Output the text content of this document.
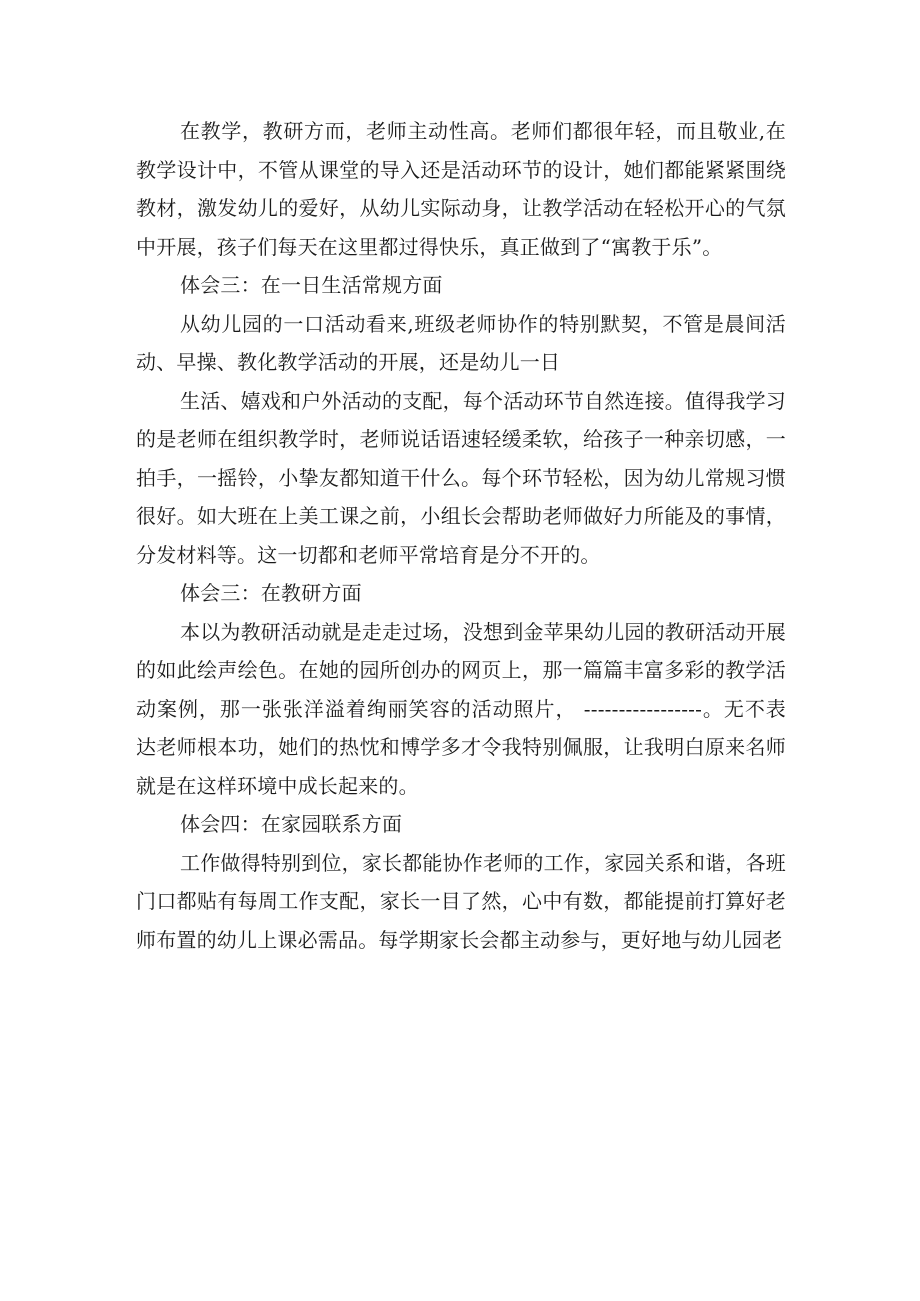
在教学，教研方而，老师主动性高。老师们都很年轻，而且敬业,在教学设计中，不管从课堂的导入还是活动环节的设计，她们都能紧紧围绕教材，激发幼儿的爱好，从幼儿实际动身，让教学活动在轻松开心的气氛中开展，孩子们每天在这里都过得快乐，真正做到了“寓教于乐”。

体会三：在一日生活常规方面

从幼儿园的一口活动看来,班级老师协作的特别默契，不管是晨间活动、早操、教化教学活动的开展，还是幼儿一日

生活、嬉戏和户外活动的支配，每个活动环节自然连接。值得我学习的是老师在组织教学时，老师说话语速轻缓柔软，给孩子一种亲切感，一拍手，一摇铃，小挚友都知道干什么。每个环节轻松，因为幼儿常规习惯很好。如大班在上美工课之前，小组长会帮助老师做好力所能及的事情，分发材料等。这一切都和老师平常培育是分不开的。

体会三：在教研方面

本以为教研活动就是走走过场，没想到金苹果幼儿园的教研活动开展的如此绘声绘色。在她的园所创办的网页上，那一篇篇丰富多彩的教学活动案例，那一张张洋溢着绚丽笑容的活动照片， -----------------。无不表达老师根本功，她们的热忱和博学多才令我特别佩服，让我明白原来名师就是在这样环境中成长起来的。

体会四：在家园联系方面

工作做得特别到位，家长都能协作老师的工作，家园关系和谐，各班门口都贴有每周工作支配，家长一目了然，心中有数，都能提前打算好老师布置的幼儿上课必需品。每学期家长会都主动参与，更好地与幼儿园老
